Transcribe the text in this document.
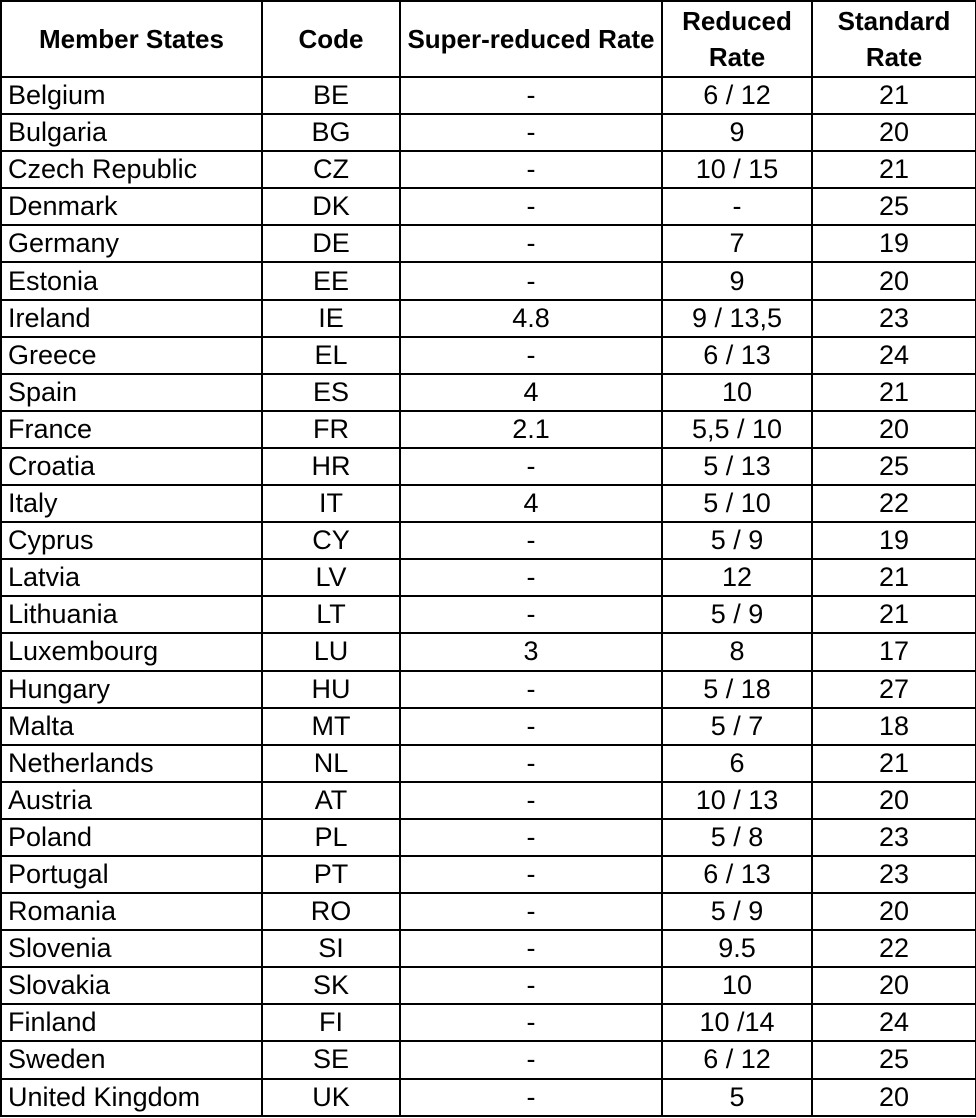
Member States	Code	Super-reduced Rate	Reduced Rate	Standard Rate
Belgium	BE	-	6 / 12	21
Bulgaria	BG	-	9	20
Czech Republic	CZ	-	10 / 15	21
Denmark	DK	-	-	25
Germany	DE	-	7	19
Estonia	EE	-	9	20
Ireland	IE	4.8	9 / 13,5	23
Greece	EL	-	6 / 13	24
Spain	ES	4	10	21
France	FR	2.1	5,5 / 10	20
Croatia	HR	-	5 / 13	25
Italy	IT	4	5 / 10	22
Cyprus	CY	-	5 / 9	19
Latvia	LV	-	12	21
Lithuania	LT	-	5 / 9	21
Luxembourg	LU	3	8	17
Hungary	HU	-	5 / 18	27
Malta	MT	-	5 / 7	18
Netherlands	NL	-	6	21
Austria	AT	-	10 / 13	20
Poland	PL	-	5 / 8	23
Portugal	PT	-	6 / 13	23
Romania	RO	-	5 / 9	20
Slovenia	SI	-	9.5	22
Slovakia	SK	-	10	20
Finland	FI	-	10 /14	24
Sweden	SE	-	6 / 12	25
United Kingdom	UK	-	5	20
